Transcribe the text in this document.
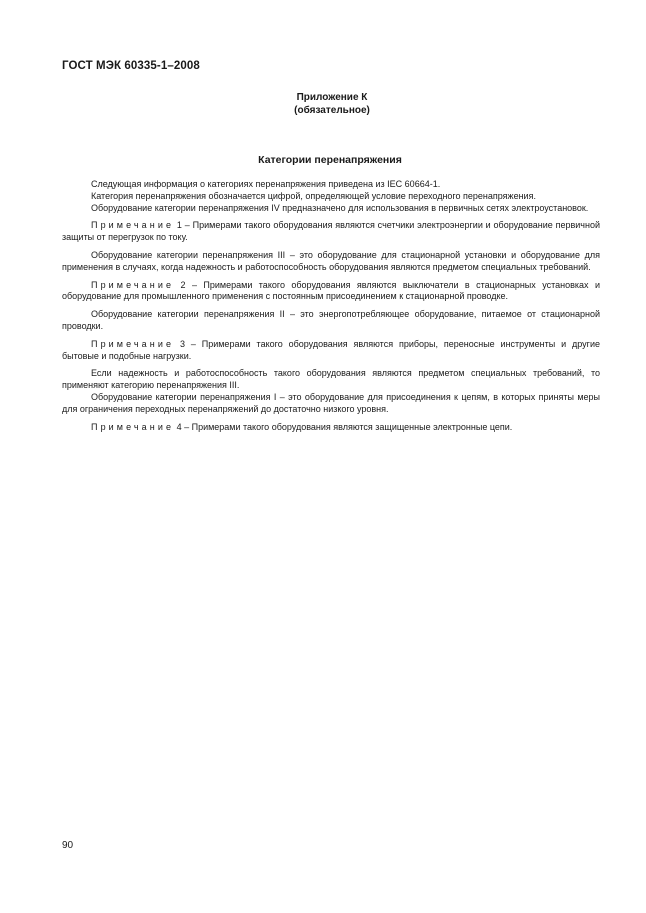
ГОСТ МЭК 60335-1–2008
Приложение К
(обязательное)
Категории перенапряжения

Следующая информация о категориях перенапряжения приведена из IEC 60664-1.

Категория перенапряжения обозначается цифрой, определяющей условие переходного перенапряжения.

Оборудование категории перенапряжения IV предназначено для использования в первичных сетях электроустановок.

Примечание 1 – Примерами такого оборудования являются счетчики электроэнергии и оборудование первичной защиты от перегрузок по току.

Оборудование категории перенапряжения III – это оборудование для стационарной установки и оборудование для применения в случаях, когда надежность и работоспособность оборудования являются предметом специальных требований.

Примечание 2 – Примерами такого оборудования являются выключатели в стационарных установках и оборудование для промышленного применения с постоянным присоединением к стационарной проводке.

Оборудование категории перенапряжения II – это энергопотребляющее оборудование, питаемое от стационарной проводки.

Примечание 3 – Примерами такого оборудования являются приборы, переносные инструменты и другие бытовые и подобные нагрузки.

Если надежность и работоспособность такого оборудования являются предметом специальных требований, то применяют категорию перенапряжения III.

Оборудование категории перенапряжения I – это оборудование для присоединения к цепям, в которых приняты меры для ограничения переходных перенапряжений до достаточно низкого уровня.

Примечание 4 – Примерами такого оборудования являются защищенные электронные цепи.

90
